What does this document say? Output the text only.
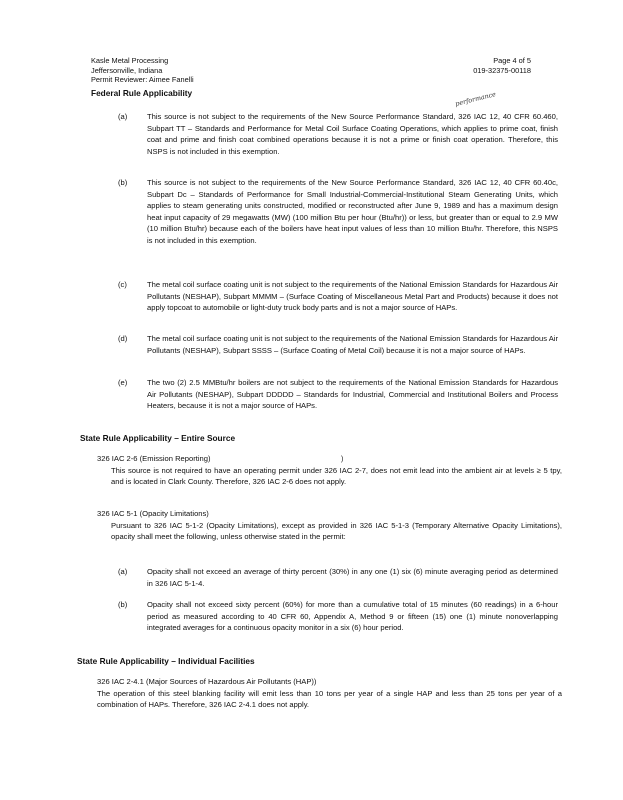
Kasle Metal Processing
Jeffersonville, Indiana
Permit Reviewer: Aimee Fanelli
Page 4 of 5
019-32375-00118
Federal Rule Applicability	performance
(a)	This source is not subject to the requirements of the New Source Performance Standard, 326 IAC 12, 40 CFR 60.460, Subpart TT – Standards and Performance for Metal Coil Surface Coating Operations, which applies to prime coat, finish coat and prime and finish coat combined operations because it is not a prime or finish coat operation. Therefore, this NSPS is not included in this exemption.
(b)	This source is not subject to the requirements of the New Source Performance Standard, 326 IAC 12, 40 CFR 60.40c, Subpart Dc – Standards of Performance for Small Industrial-Commercial-Institutional Steam Generating Units, which applies to steam generating units constructed, modified or reconstructed after June 9, 1989 and has a maximum design heat input capacity of 29 megawatts (MW) (100 million Btu per hour (Btu/hr)) or less, but greater than or equal to 2.9 MW (10 million Btu/hr) because each of the boilers have heat input values of less than 10 million Btu/hr. Therefore, this NSPS is not included in this exemption.
(c)	The metal coil surface coating unit is not subject to the requirements of the National Emission Standards for Hazardous Air Pollutants (NESHAP), Subpart MMMM – (Surface Coating of Miscellaneous Metal Part and Products) because it does not apply topcoat to automobile or light-duty truck body parts and is not a major source of HAPs.
(d)	The metal coil surface coating unit is not subject to the requirements of the National Emission Standards for Hazardous Air Pollutants (NESHAP), Subpart SSSS – (Surface Coating of Metal Coil) because it is not a major source of HAPs.
(e)	The two (2) 2.5 MMBtu/hr boilers are not subject to the requirements of the National Emission Standards for Hazardous Air Pollutants (NESHAP), Subpart DDDDD – Standards for Industrial, Commercial and Institutional Boilers and Process Heaters, because it is not a major source of HAPs.
State Rule Applicability – Entire Source
)
326 IAC 2-6 (Emission Reporting)
This source is not required to have an operating permit under 326 IAC 2-7, does not emit lead into the ambient air at levels ≥ 5 tpy, and is located in Clark County. Therefore, 326 IAC 2-6 does not apply.
326 IAC 5-1 (Opacity Limitations)
Pursuant to 326 IAC 5-1-2 (Opacity Limitations), except as provided in 326 IAC 5-1-3 (Temporary Alternative Opacity Limitations), opacity shall meet the following, unless otherwise stated in the permit:
(a)	Opacity shall not exceed an average of thirty percent (30%) in any one (1) six (6) minute averaging period as determined in 326 IAC 5-1-4.
(b)	Opacity shall not exceed sixty percent (60%) for more than a cumulative total of 15 minutes (60 readings) in a 6-hour period as measured according to 40 CFR 60, Appendix A, Method 9 or fifteen (15) one (1) minute nonoverlapping integrated averages for a continuous opacity monitor in a six (6) hour period.
State Rule Applicability – Individual Facilities
326 IAC 2-4.1 (Major Sources of Hazardous Air Pollutants (HAP))
The operation of this steel blanking facility will emit less than 10 tons per year of a single HAP and less than 25 tons per year of a combination of HAPs. Therefore, 326 IAC 2-4.1 does not apply.
